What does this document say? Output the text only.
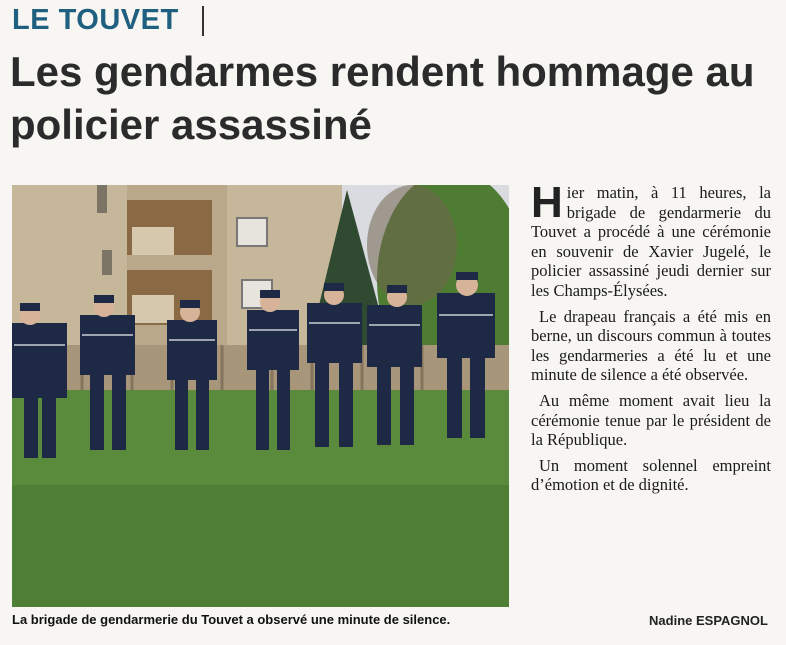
LE TOUVET
Les gendarmes rendent hommage au policier assassiné
La brigade de gendarmerie du Touvet a observé une minute de silence.

Hier matin, à 11 heures, la brigade de gendarmerie du Touvet a procédé à une cérémonie en souvenir de Xavier Jugelé, le policier assassiné jeudi dernier sur les Champs-Élysées.

Le drapeau français a été mis en berne, un discours commun à toutes les gendarmeries a été lu et une minute de silence a été observée.

Au même moment avait lieu la cérémonie tenue par le président de la République.

Un moment solennel empreint d’émotion et de dignité.

Nadine ESPAGNOL
